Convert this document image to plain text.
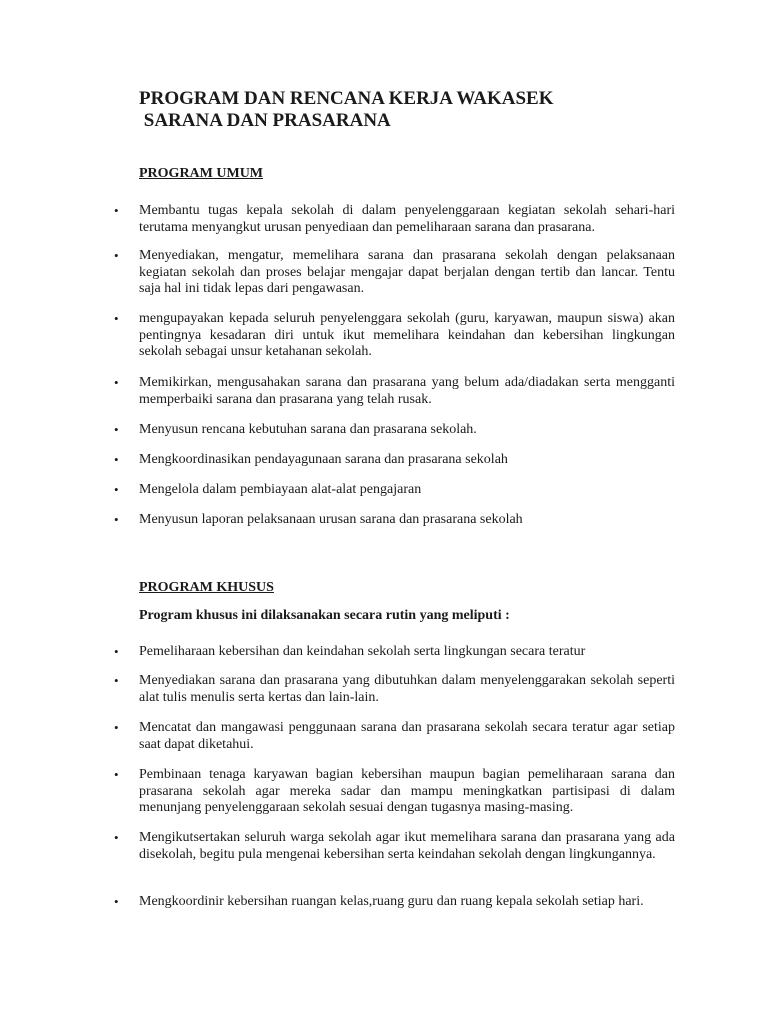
PROGRAM DAN RENCANA KERJA WAKASEK
SARANA DAN PRASARANA
PROGRAM UMUM
•	Membantu tugas kepala sekolah di dalam penyelenggaraan kegiatan sekolah sehari-hari terutama menyangkut urusan penyediaan dan pemeliharaan sarana dan prasarana.
•	Menyediakan, mengatur, memelihara sarana dan prasarana sekolah dengan pelaksanaan kegiatan sekolah dan proses belajar mengajar dapat berjalan dengan tertib dan lancar. Tentu saja hal ini tidak lepas dari pengawasan.
•	mengupayakan kepada seluruh penyelenggara sekolah (guru, karyawan, maupun siswa) akan pentingnya kesadaran diri untuk ikut memelihara keindahan dan kebersihan lingkungan sekolah sebagai unsur ketahanan sekolah.
•	Memikirkan, mengusahakan sarana dan prasarana yang belum ada/diadakan serta mengganti memperbaiki sarana dan prasarana yang telah rusak.
•	Menyusun rencana kebutuhan sarana dan prasarana sekolah.
•	Mengkoordinasikan pendayagunaan sarana dan prasarana sekolah
•	Mengelola dalam pembiayaan alat-alat pengajaran
•	Menyusun laporan pelaksanaan urusan sarana dan prasarana sekolah
PROGRAM KHUSUS
Program khusus ini dilaksanakan secara rutin yang meliputi :
•	Pemeliharaan kebersihan dan keindahan sekolah serta lingkungan secara teratur
•	Menyediakan sarana dan prasarana yang dibutuhkan dalam menyelenggarakan sekolah seperti alat tulis menulis serta kertas dan lain-lain.
•	Mencatat dan mangawasi penggunaan sarana dan prasarana sekolah secara teratur agar setiap saat dapat diketahui.
•	Pembinaan tenaga karyawan bagian kebersihan maupun bagian pemeliharaan sarana dan prasarana sekolah agar mereka sadar dan mampu meningkatkan partisipasi di dalam menunjang penyelenggaraan sekolah sesuai dengan tugasnya masing-masing.
•	Mengikutsertakan seluruh warga sekolah agar ikut memelihara sarana dan prasarana yang ada disekolah, begitu pula mengenai kebersihan serta keindahan sekolah dengan lingkungannya.
•	Mengkoordinir kebersihan ruangan kelas,ruang guru dan ruang kepala sekolah setiap hari.
